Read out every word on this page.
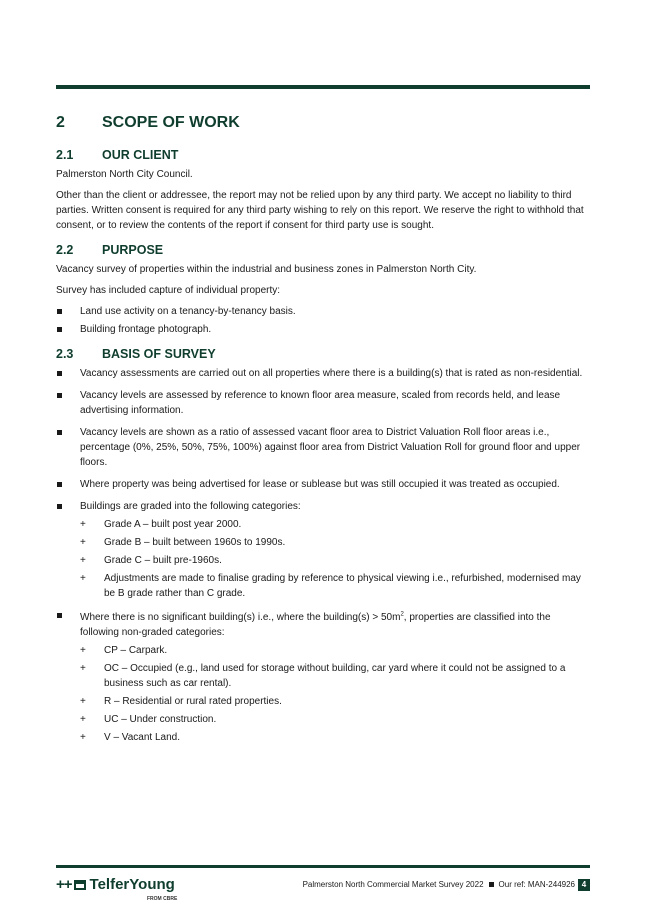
2	SCOPE OF WORK
2.1	OUR CLIENT

Palmerston North City Council.

Other than the client or addressee, the report may not be relied upon by any third party. We accept no liability to third parties. Written consent is required for any third party wishing to rely on this report. We reserve the right to withhold that consent, or to review the contents of the report if consent for third party use is sought.

2.2	PURPOSE

Vacancy survey of properties within the industrial and business zones in Palmerston North City.

Survey has included capture of individual property:

Land use activity on a tenancy-by-tenancy basis.
Building frontage photograph.
2.3	BASIS OF SURVEY
Vacancy assessments are carried out on all properties where there is a building(s) that is rated as non-residential.
Vacancy levels are assessed by reference to known floor area measure, scaled from records held, and lease advertising information.
Vacancy levels are shown as a ratio of assessed vacant floor area to District Valuation Roll floor areas i.e., percentage (0%, 25%, 50%, 75%, 100%) against floor area from District Valuation Roll for ground floor and upper floors.
Where property was being advertised for lease or sublease but was still occupied it was treated as occupied.
Buildings are graded into the following categories:
+ Grade A – built post year 2000.
+ Grade B – built between 1960s to 1990s.
+ Grade C – built pre-1960s.
+ Adjustments are made to finalise grading by reference to physical viewing i.e., refurbished, modernised may be B grade rather than C grade.
Where there is no significant building(s) i.e., where the building(s) > $50m^2$, properties are classified into the following non-graded categories:
+ CP – Carpark.
+ OC – Occupied (e.g., land used for storage without building, car yard where it could not be assigned to a business such as car rental).
+ R – Residential or rural rated properties.
+ UC – Under construction.
+ V – Vacant Land.
++ TelferYoung
FROM CBRE
Palmerston North Commercial Market Survey 2022 Our ref: MAN-244926 4
